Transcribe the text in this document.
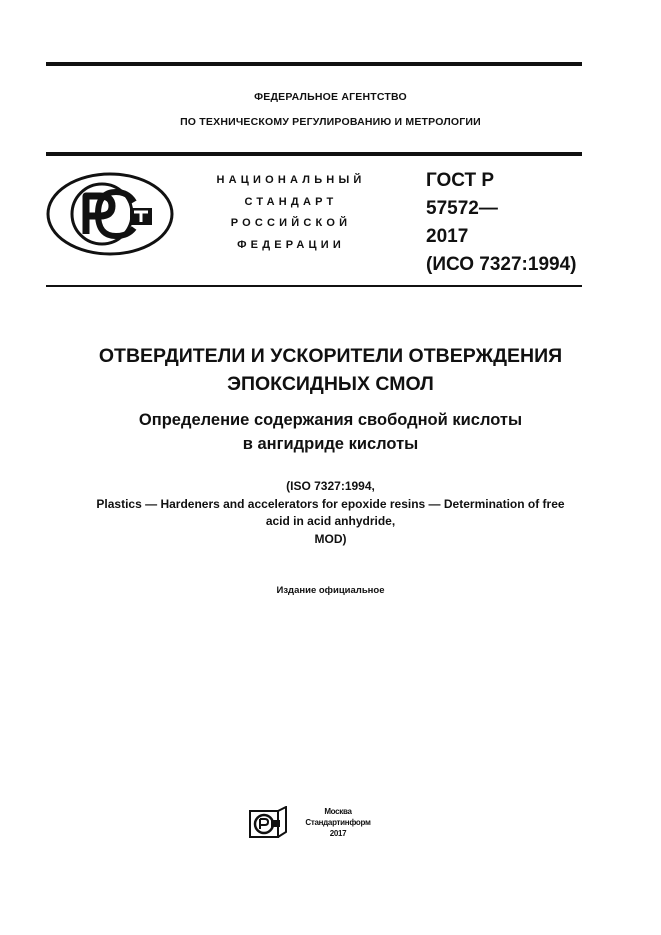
ФЕДЕРАЛЬНОЕ АГЕНТСТВО
ПО ТЕХНИЧЕСКОМУ РЕГУЛИРОВАНИЮ И МЕТРОЛОГИИ
НАЦИОНАЛЬНЫЙ
СТАНДАРТ
РОССИЙСКОЙ
ФЕДЕРАЦИИ
ГОСТ Р
57572—
2017
(ИСО 7327:1994)
ОТВЕРДИТЕЛИ И УСКОРИТЕЛИ ОТВЕРЖДЕНИЯ
ЭПОКСИДНЫХ СМОЛ
Определение содержания свободной кислоты
в ангидриде кислоты
(ISO 7327:1994,
Plastics — Hardeners and accelerators for epoxide resins — Determination of free
acid in acid anhydride,
MOD)
Издание официальное
Москва
Стандартинформ
2017
